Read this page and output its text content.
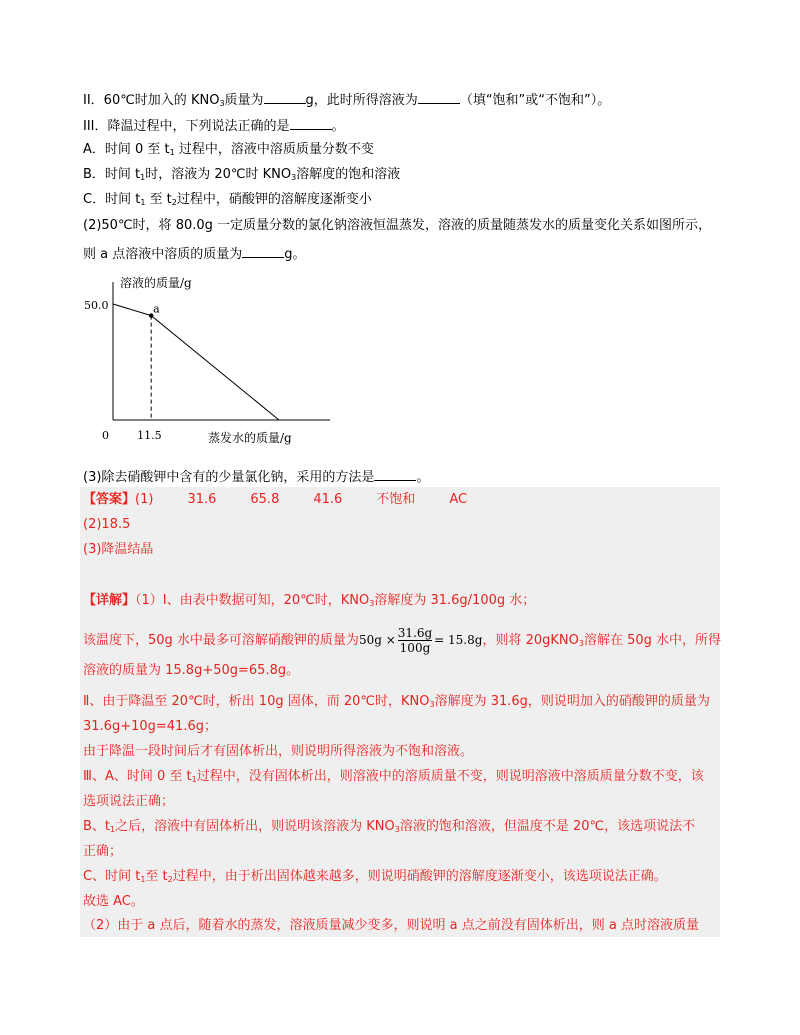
II．60℃时加入的 $KNO_3$质量为	g，此时所得溶液为	（填“饱和”或“不饱和”）。
III．降温过程中，下列说法正确的是	。
A．时间 0 至 $t_1$ 过程中，溶液中溶质质量分数不变
B．时间 $t_1$时，溶液为 20℃时 $KNO_3$溶解度的饱和溶液
C．时间 $t_1$ 至 $t_2$过程中，硝酸钾的溶解度逐渐变小
(2)50℃时，将 80.0g 一定质量分数的氯化钠溶液恒温蒸发，溶液的质量随蒸发水的质量变化关系如图所示，
则 a 点溶液中溶质的质量为	g。
溶液的质量/g
蒸发水的质量/g
0	11.5
50.0	a
(3)除去硝酸钾中含有的少量氯化钠，采用的方法是	。
【答案】(1)	31.6	65.8	41.6	不饱和	AC
(2)18.5
(3)降温结晶
【详解】（1）Ⅰ、由表中数据可知，20℃时，$KNO_3$溶解度为 31.6g/100g 水；
该温度下，50g 水中最多可溶解硝酸钾的质量为$50g \times \frac{31.6g}{100g} = 15.8g$，则将 20gKNO$_3$溶解在 50g 水中，所得
溶液的质量为 15.8g+50g=65.8g。
Ⅱ、由于降温至 20℃时，析出 10g 固体，而 20℃时，$KNO_3$溶解度为 31.6g，则说明加入的硝酸钾的质量为
31.6g+10g=41.6g；
由于降温一段时间后才有固体析出，则说明所得溶液为不饱和溶液。
Ⅲ、A、时间 0 至 $t_1$过程中，没有固体析出，则溶液中的溶质质量不变，则说明溶液中溶质质量分数不变，该
选项说法正确；
B、$t_1$之后，溶液中有固体析出，则说明该溶液为 $KNO_3$溶液的饱和溶液，但温度不是 20℃，该选项说法不
正确；
C、时间 $t_1$至 $t_2$过程中，由于析出固体越来越多，则说明硝酸钾的溶解度逐渐变小，该选项说法正确。
故选 AC。
（2）由于 a 点后，随着水的蒸发，溶液质量减少变多，则说明 a 点之前没有固体析出，则 a 点时溶液质量
